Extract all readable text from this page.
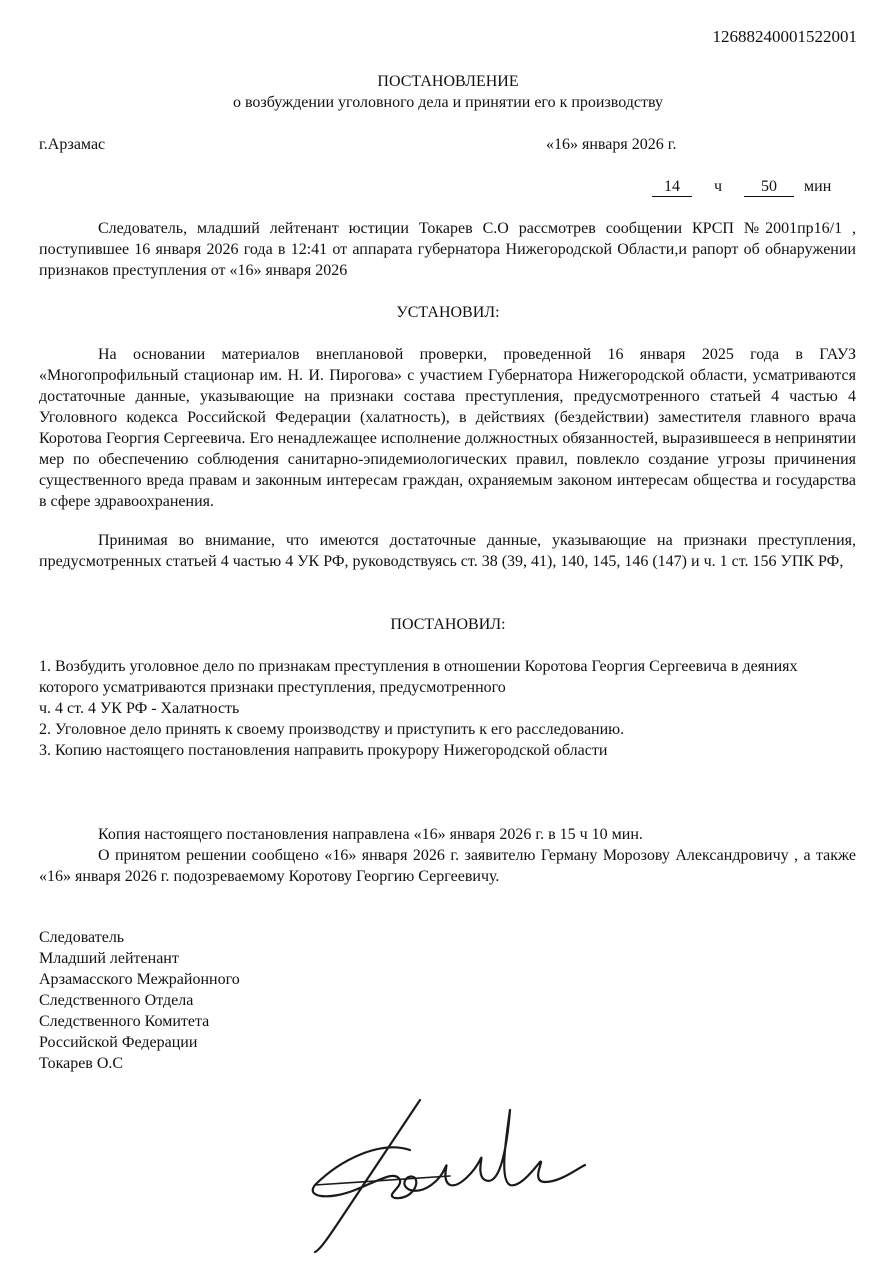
12688240001522001
ПОСТАНОВЛЕНИЕ
о возбуждении уголовного дела и принятии его к производству
г.Арзамас	«16» января 2026 г.
14 ч 50 мин
Следователь, младший лейтенант юстиции Токарев С.О рассмотрев сообщении КРСП №2001пр16/1 , поступившее 16 января 2026 года в 12:41 от аппарата губернатора Нижегородской Области,и рапорт об обнаружении признаков преступления от «16» января 2026
УСТАНОВИЛ:
На основании материалов внеплановой проверки, проведенной 16 января 2025 года в ГАУЗ «Многопрофильный стационар им. Н. И. Пирогова» с участием Губернатора Нижегородской области, усматриваются достаточные данные, указывающие на признаки состава преступления, предусмотренного статьей 4 частью 4 Уголовного кодекса Российской Федерации (халатность), в действиях (бездействии) заместителя главного врача Коротова Георгия Сергеевича. Его ненадлежащее исполнение должностных обязанностей, выразившееся в непринятии мер по обеспечению соблюдения санитарно-эпидемиологических правил, повлекло создание угрозы причинения существенного вреда правам и законным интересам граждан, охраняемым законом интересам общества и государства в сфере здравоохранения.
Принимая во внимание, что имеются достаточные данные, указывающие на признаки преступления, предусмотренных статьей 4 частью 4 УК РФ, руководствуясь ст. 38 (39, 41), 140, 145, 146 (147) и ч. 1 ст. 156 УПК РФ,
ПОСТАНОВИЛ:
1. Возбудить уголовное дело по признакам преступления в отношении Коротова Георгия Сергеевича в деяниях которого усматриваются признаки преступления, предусмотренного
ч. 4 ст. 4 УК РФ - Халатность
2. Уголовное дело принять к своему производству и приступить к его расследованию.
3. Копию настоящего постановления направить прокурору Нижегородской области
Копия настоящего постановления направлена «16» января 2026 г. в 15 ч 10 мин.
О принятом решении сообщено «16» января 2026 г. заявителю Герману Морозову Александровичу , а также «16» января 2026 г. подозреваемому Коротову Георгию Сергеевичу.
Следователь
Младший лейтенант
Арзамасского Межрайонного
Следственного Отдела
Следственного Комитета
Российской Федерации
Токарев О.С
